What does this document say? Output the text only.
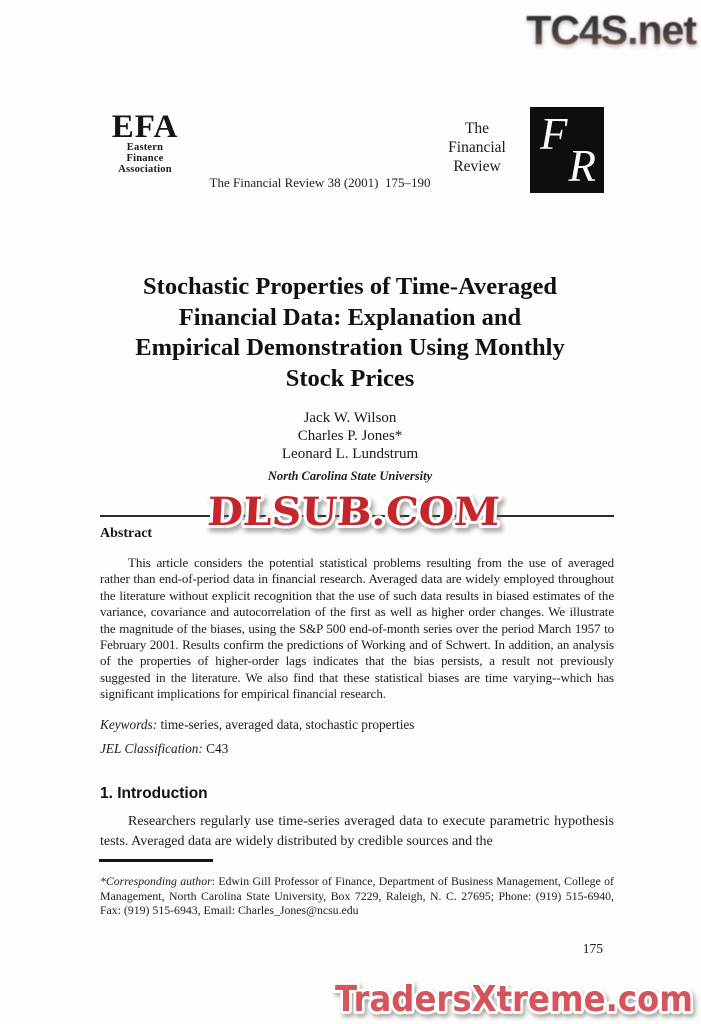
TC4S.net
EFA
Eastern
Finance
Association
The Financial Review 38 (2001)  175–190
The
Financial
Review
F
R
Stochastic Properties of Time-Averaged
Financial Data: Explanation and
Empirical Demonstration Using Monthly
Stock Prices
Jack W. Wilson
Charles P. Jones*
Leonard L. Lundstrum
North Carolina State University
DLSUB.COM
Abstract
This article considers the potential statistical problems resulting from the use of averaged rather than end-of-period data in financial research. Averaged data are widely employed throughout the literature without explicit recognition that the use of such data results in biased estimates of the variance, covariance and autocorrelation of the first as well as higher order changes. We illustrate the magnitude of the biases, using the S&P 500 end-of-month series over the period March 1957 to February 2001. Results confirm the predictions of Working and of Schwert. In addition, an analysis of the properties of higher-order lags indicates that the bias persists, a result not previously suggested in the literature. We also find that these statistical biases are time varying--which has significant implications for empirical financial research.
Keywords: time-series, averaged data, stochastic properties
JEL Classification: C43
1. Introduction
Researchers regularly use time-series averaged data to execute parametric hypothesis tests. Averaged data are widely distributed by credible sources and the
*Corresponding author: Edwin Gill Professor of Finance, Department of Business Management, College of Management, North Carolina State University, Box 7229, Raleigh, N. C. 27695; Phone: (919) 515-6940, Fax: (919) 515-6943, Email: Charles_Jones@ncsu.edu
175
TradersXtreme.com
